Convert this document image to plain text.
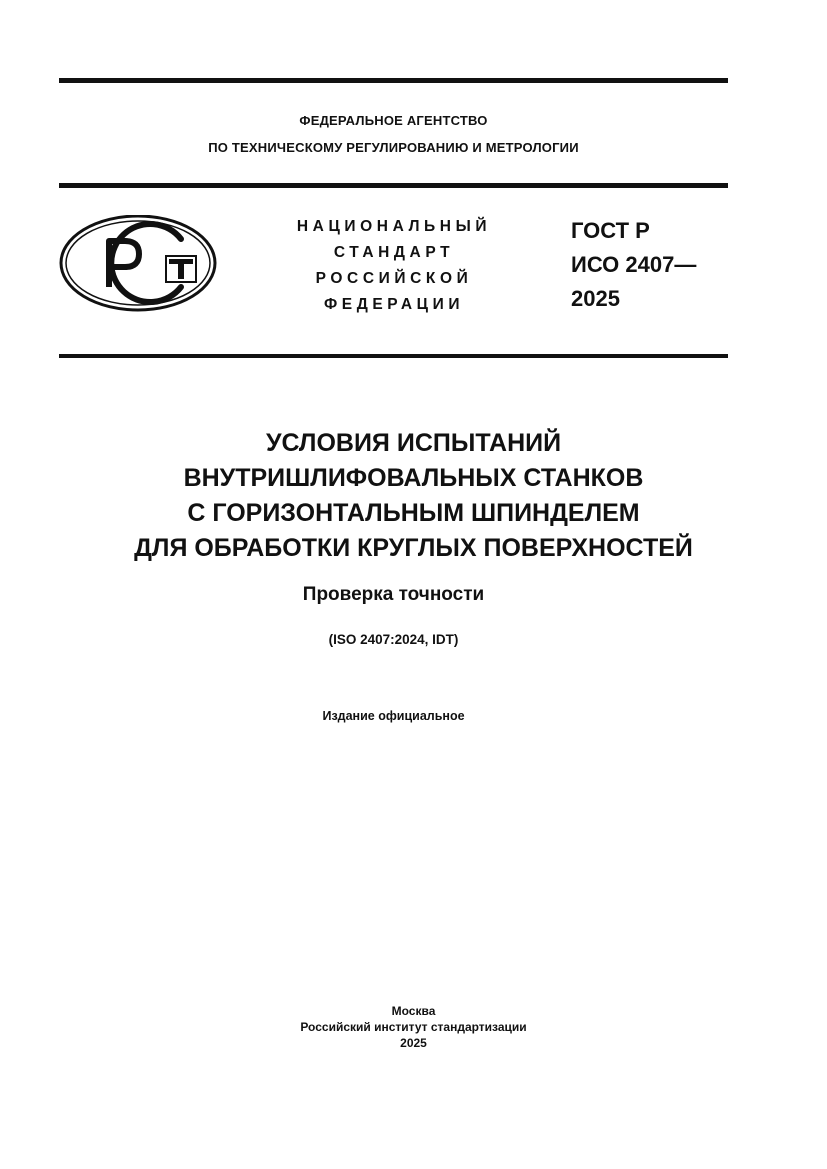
ФЕДЕРАЛЬНОЕ АГЕНТСТВО
ПО ТЕХНИЧЕСКОМУ РЕГУЛИРОВАНИЮ И МЕТРОЛОГИИ
НАЦИОНАЛЬНЫЙ
СТАНДАРТ
РОССИЙСКОЙ
ФЕДЕРАЦИИ
ГОСТ Р
ИСО 2407—
2025
УСЛОВИЯ ИСПЫТАНИЙ
ВНУТРИШЛИФОВАЛЬНЫХ СТАНКОВ
С ГОРИЗОНТАЛЬНЫМ ШПИНДЕЛЕМ
ДЛЯ ОБРАБОТКИ КРУГЛЫХ ПОВЕРХНОСТЕЙ
Проверка точности
(ISO 2407:2024, IDT)
Издание официальное
Москва
Российский институт стандартизации
2025
